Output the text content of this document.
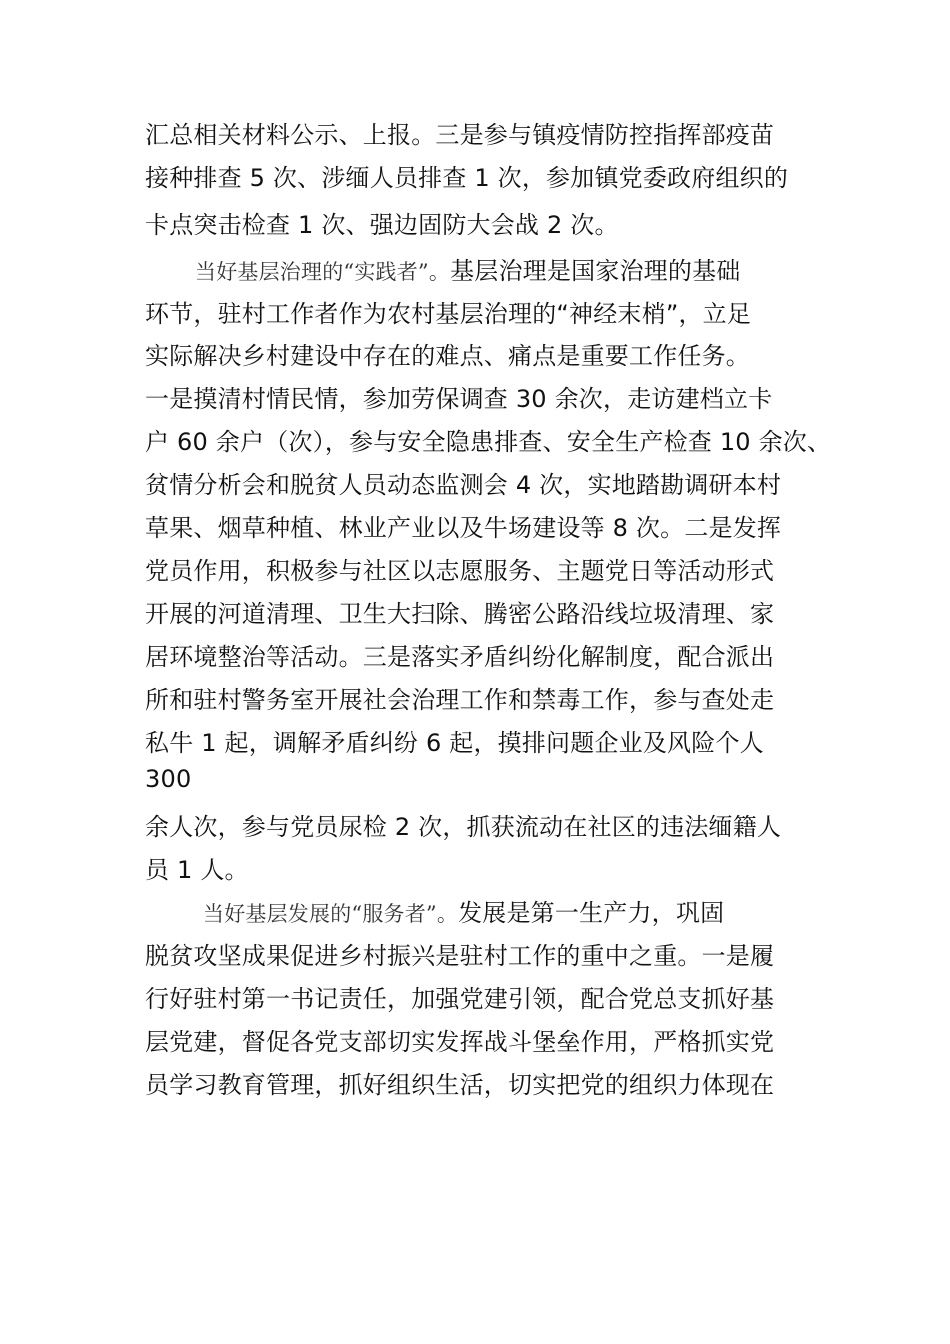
汇总相关材料公示、上报。三是参与镇疫情防控指挥部疫苗
接种排查 5 次、涉缅人员排查 1 次，参加镇党委政府组织的
卡点突击检查 1 次、强边固防大会战 2 次。
当好基层治理的“实践者”。基层治理是国家治理的基础
环节，驻村工作者作为农村基层治理的“神经末梢”，立足
实际解决乡村建设中存在的难点、痛点是重要工作任务。
一是摸清村情民情，参加劳保调查 30 余次，走访建档立卡
户 60 余户（次），参与安全隐患排查、安全生产检查 10 余次、
贫情分析会和脱贫人员动态监测会 4 次，实地踏勘调研本村
草果、烟草种植、林业产业以及牛场建设等 8 次。二是发挥
党员作用，积极参与社区以志愿服务、主题党日等活动形式
开展的河道清理、卫生大扫除、腾密公路沿线垃圾清理、家
居环境整治等活动。三是落实矛盾纠纷化解制度，配合派出
所和驻村警务室开展社会治理工作和禁毒工作，参与查处走
私牛 1 起，调解矛盾纠纷 6 起，摸排问题企业及风险个人
300
余人次，参与党员尿检 2 次，抓获流动在社区的违法缅籍人
员 1 人。
当好基层发展的“服务者”。发展是第一生产力，巩固
脱贫攻坚成果促进乡村振兴是驻村工作的重中之重。一是履
行好驻村第一书记责任，加强党建引领，配合党总支抓好基
层党建，督促各党支部切实发挥战斗堡垒作用，严格抓实党
员学习教育管理，抓好组织生活，切实把党的组织力体现在
